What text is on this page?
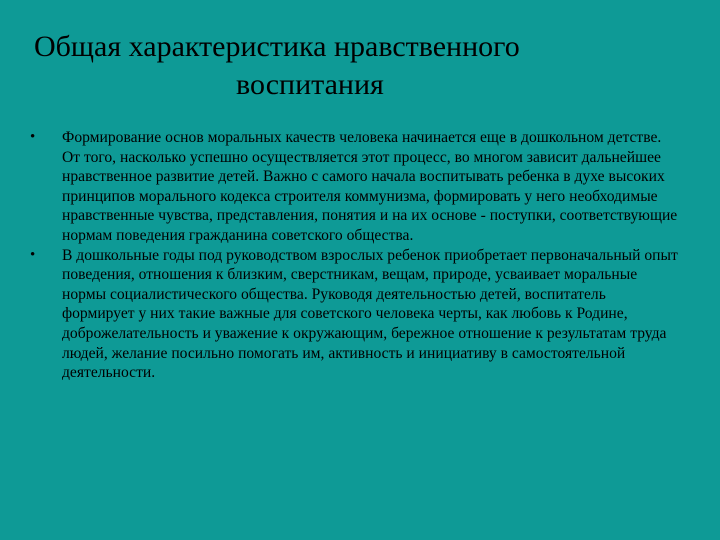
Общая характеристика нравственного
воспитания
• Формирование основ моральных качеств человека начинается еще в дошкольном детстве. От того, насколько успешно осуществляется этот процесс, во многом зависит дальнейшее нравственное развитие детей. Важно с самого начала воспитывать ребенка в духе высоких принципов морального кодекса строителя коммунизма, формировать у него необходимые нравственные чувства, представления, понятия и на их основе - поступки, соответствующие нормам поведения гражданина советского общества.
• В дошкольные годы под руководством взрослых ребенок приобретает первоначальный опыт поведения, отношения к близким, сверстникам, вещам, природе, усваивает моральные нормы социалистического общества. Руководя деятельностью детей, воспитатель формирует у них такие важные для советского человека черты, как любовь к Родине, доброжелательность и уважение к окружающим, бережное отношение к результатам труда людей, желание посильно помогать им, активность и инициативу в самостоятельной деятельности.
